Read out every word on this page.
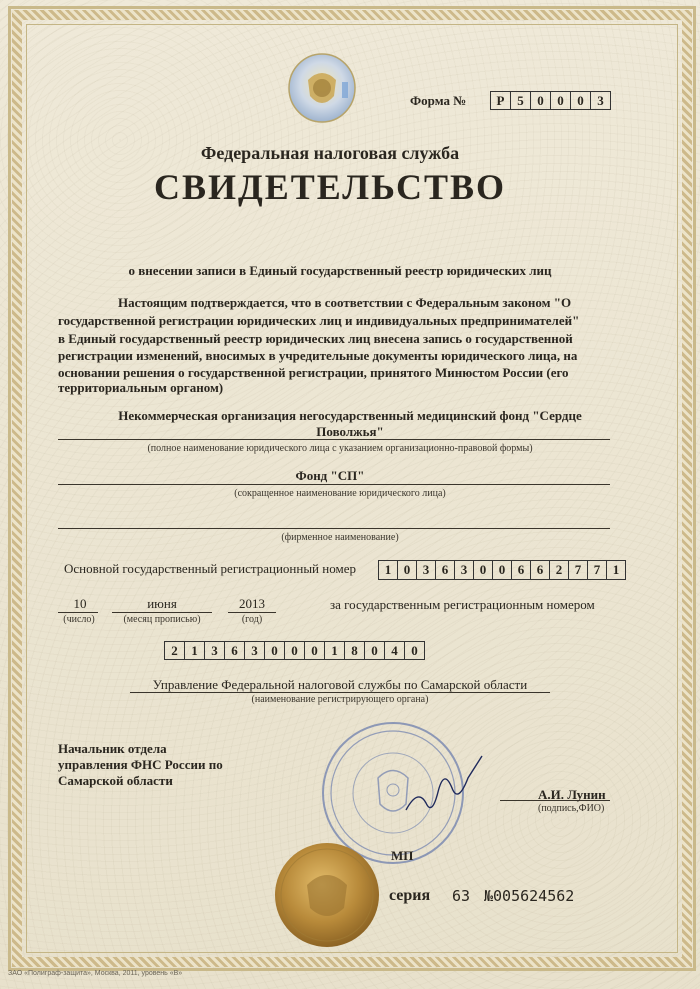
Форма №	Р 5	0	0	0	3
Федеральная налоговая служба
СВИДЕТЕЛЬСТВО
о внесении записи в Единый государственный реестр юридических лиц
Настоящим подтверждается, что в соответствии с Федеральным законом "О
государственной регистрации юридических лиц и индивидуальных предпринимателей"
в Единый государственный реестр юридических лиц внесена запись о государственной
регистрации изменений, вносимых в учредительные документы юридического лица, на
основании решения о государственной регистрации, принятого Минюстом России (его
территориальным органом)
Некоммерческая организация негосударственный медицинский фонд "Сердце
Поволжья"
(полное наименование юридического лица с указанием организационно-правовой формы)
Фонд "СП"
(сокращенное наименование юридического лица)
(фирменное наименование)
Основной государственный регистрационный номер	1 0 3 6 3 0 0 6 6 2 7 7 1
10
(число)
июня
(месяц прописью)
2013
(год)
за государственным регистрационным номером
2	1	3	6	3	0	0	0	1	8	0	4	0
Управление Федеральной налоговой службы по Самарской области
(наименование регистрирующего органа)
Начальник отдела
управления ФНС России по
Самарской области
А.И. Лунин
(подпись,ФИО)
МП
серия 63 №005624562
ЗАО «Полиграф-защита», Москва, 2011, уровень «В»
